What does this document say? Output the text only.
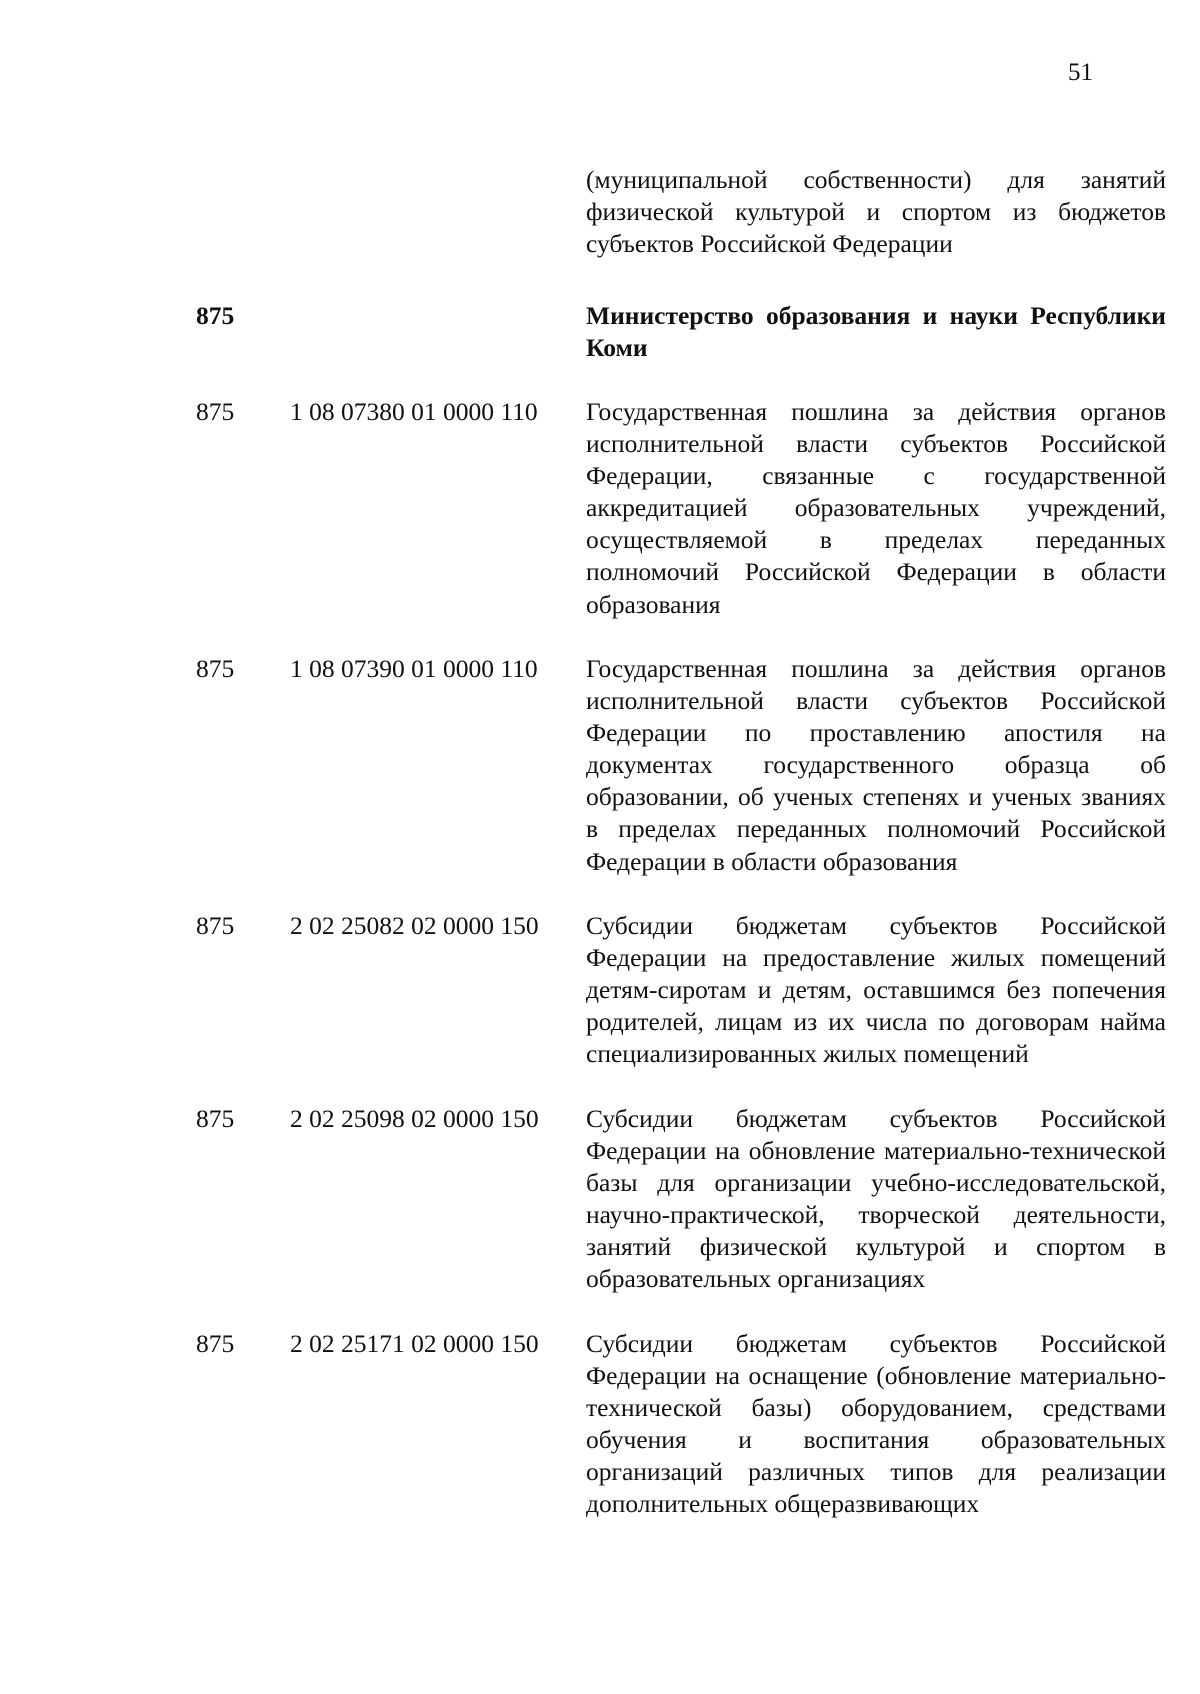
51
(муниципальной собственности) для занятий физической культурой и спортом из бюджетов субъектов Российской Федерации
875	Министерство образования и науки Республики Коми
875 1 08 07380 01 0000 110 Государственная пошлина за действия органов исполнительной власти субъектов Российской Федерации, связанные с государственной аккредитацией образовательных учреждений, осуществляемой в пределах переданных полномочий Российской Федерации в области образования
875 1 08 07390 01 0000 110 Государственная пошлина за действия органов исполнительной власти субъектов Российской Федерации по проставлению апостиля на документах государственного образца об образовании, об ученых степенях и ученых званиях в пределах переданных полномочий Российской Федерации в области образования
875 2 02 25082 02 0000 150 Субсидии бюджетам субъектов Российской Федерации на предоставление жилых помещений детям-сиротам и детям, оставшимся без попечения родителей, лицам из их числа по договорам найма специализированных жилых помещений
875 2 02 25098 02 0000 150 Субсидии бюджетам субъектов Российской Федерации на обновление материально-технической базы для организации учебно-исследовательской, научно-практической, творческой деятельности, занятий физической культурой и спортом в образовательных организациях
875 2 02 25171 02 0000 150 Субсидии бюджетам субъектов Российской Федерации на оснащение (обновление материально-технической базы) оборудованием, средствами обучения и воспитания образовательных организаций различных типов для реализации дополнительных общеразвивающих
